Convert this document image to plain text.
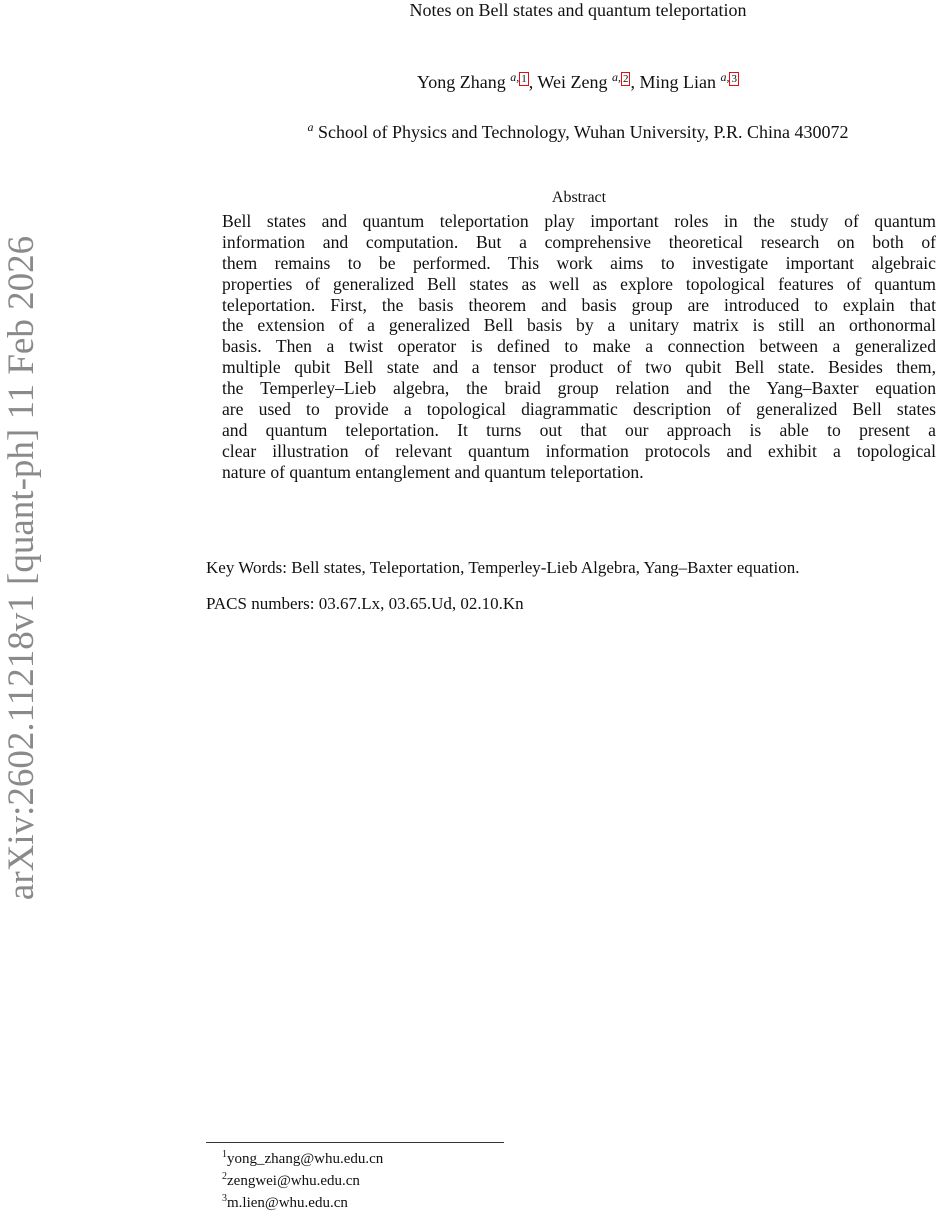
arXiv:2602.11218v1 [quant-ph] 11 Feb 2026
Notes on Bell states and quantum teleportation
Yong Zhang $^{a,}$ 1 , Wei Zeng $^{a,}$ 2 , Ming Lian $^{a,}$ 3
$^a$ School of Physics and Technology, Wuhan University, P.R. China 430072
Abstract
Bell states and quantum teleportation play important roles in the study of quantum
information and computation. But a comprehensive theoretical research on both of
them remains to be performed. This work aims to investigate important algebraic
properties of generalized Bell states as well as explore topological features of quantum
teleportation. First, the basis theorem and basis group are introduced to explain that
the extension of a generalized Bell basis by a unitary matrix is still an orthonormal
basis. Then a twist operator is defined to make a connection between a generalized
multiple qubit Bell state and a tensor product of two qubit Bell state. Besides them,
the Temperley–Lieb algebra, the braid group relation and the Yang–Baxter equation
are used to provide a topological diagrammatic description of generalized Bell states
and quantum teleportation. It turns out that our approach is able to present a
clear illustration of relevant quantum information protocols and exhibit a topological
nature of quantum entanglement and quantum teleportation.
Key Words: Bell states, Teleportation, Temperley-Lieb Algebra, Yang–Baxter equation.
PACS numbers: 03.67.Lx, 03.65.Ud, 02.10.Kn
$^1$yong_zhang@whu.edu.cn
$^2$zengwei@whu.edu.cn
$^3$m.lien@whu.edu.cn
